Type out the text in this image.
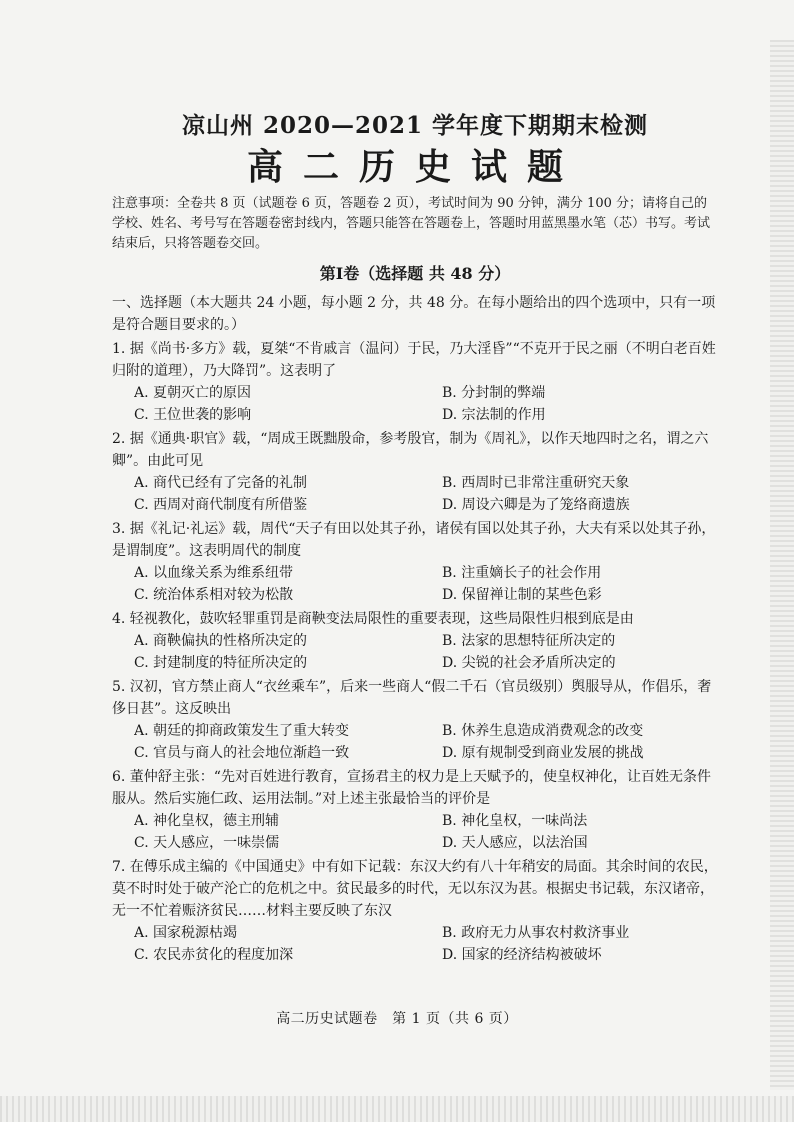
凉山州 2020—2021 学年度下期期末检测
高二历史试题
注意事项：全卷共 8 页（试题卷 6 页，答题卷 2 页），考试时间为 90 分钟，满分 100 分；请将自己的学校、姓名、考号写在答题卷密封线内，答题只能答在答题卷上，答题时用蓝黑墨水笔（芯）书写。考试结束后，只将答题卷交回。
第Ⅰ卷（选择题 共 48 分）
一、选择题（本大题共 24 小题，每小题 2 分，共 48 分。在每小题给出的四个选项中，只有一项是符合题目要求的。）
1. 据《尚书·多方》载，夏桀“不肯戚言（温问）于民，乃大淫昏”“不克开于民之丽（不明白老百姓归附的道理），乃大降罚”。这表明了
A. 夏朝灭亡的原因	B. 分封制的弊端
C. 王位世袭的影响	D. 宗法制的作用
2. 据《通典·职官》载，“周成王既黜殷命，参考殷官，制为《周礼》，以作天地四时之名，谓之六卿”。由此可见
A. 商代已经有了完备的礼制	B. 西周时已非常注重研究天象
C. 西周对商代制度有所借鉴	D. 周设六卿是为了笼络商遗族
3. 据《礼记·礼运》载，周代“天子有田以处其子孙，诸侯有国以处其子孙，大夫有采以处其子孙，是谓制度”。这表明周代的制度
A. 以血缘关系为维系纽带	B. 注重嫡长子的社会作用
C. 统治体系相对较为松散	D. 保留禅让制的某些色彩
4. 轻视教化，鼓吹轻罪重罚是商鞅变法局限性的重要表现，这些局限性归根到底是由
A. 商鞅偏执的性格所决定的	B. 法家的思想特征所决定的
C. 封建制度的特征所决定的	D. 尖锐的社会矛盾所决定的
5. 汉初，官方禁止商人“衣丝乘车”，后来一些商人“假二千石（官员级别）舆服导从，作倡乐，奢侈日甚”。这反映出
A. 朝廷的抑商政策发生了重大转变	B. 休养生息造成消费观念的改变
C. 官员与商人的社会地位渐趋一致	D. 原有规制受到商业发展的挑战
6. 董仲舒主张：“先对百姓进行教育，宣扬君主的权力是上天赋予的，使皇权神化，让百姓无条件服从。然后实施仁政、运用法制。”对上述主张最恰当的评价是
A. 神化皇权，德主刑辅	B. 神化皇权，一味尚法
C. 天人感应，一味崇儒	D. 天人感应，以法治国
7. 在傅乐成主编的《中国通史》中有如下记载：东汉大约有八十年稍安的局面。其余时间的农民，莫不时时处于破产沦亡的危机之中。贫民最多的时代，无以东汉为甚。根据史书记载，东汉诸帝，无一不忙着赈济贫民……材料主要反映了东汉
A. 国家税源枯竭	B. 政府无力从事农村救济事业
C. 农民赤贫化的程度加深	D. 国家的经济结构被破坏
高二历史试题卷　第 1 页（共 6 页）
